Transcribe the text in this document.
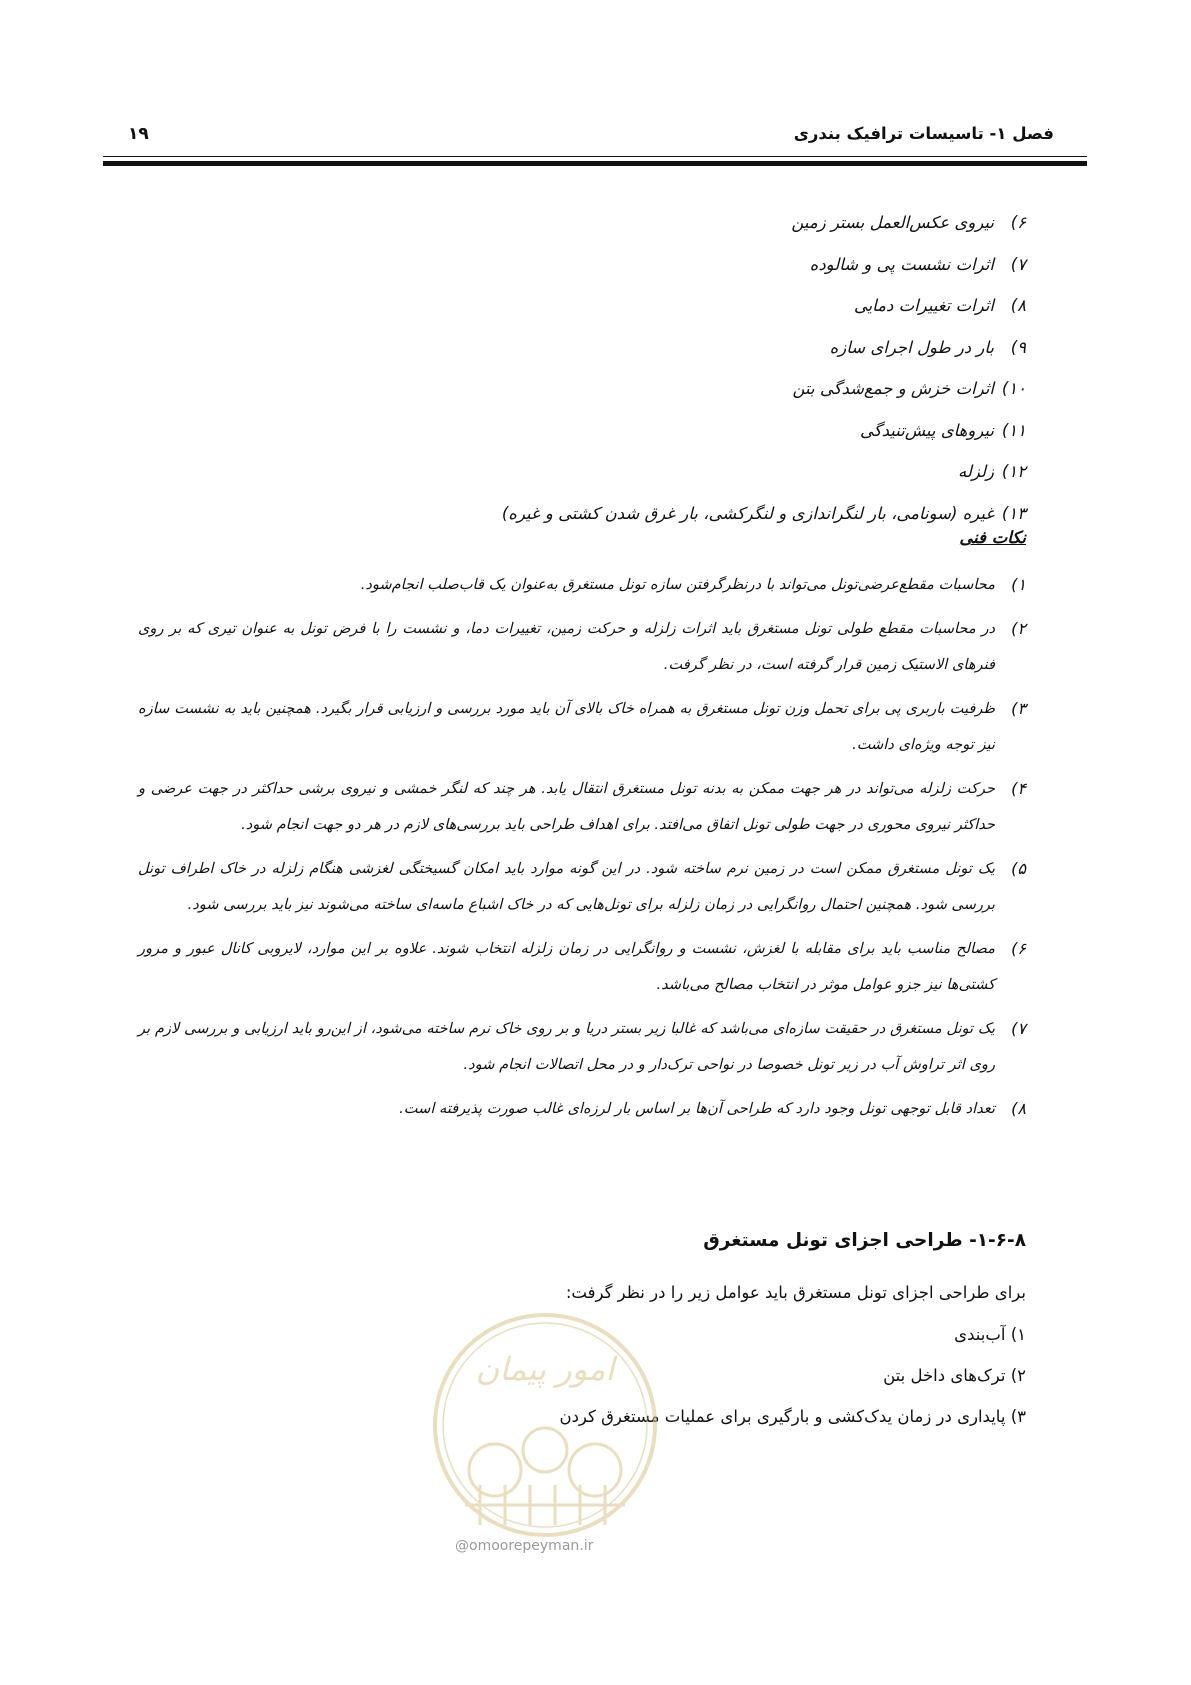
فصل ۱- تاسیسات ترافیک بندری
۱۹
۶)نیروی عکس‌العمل بستر زمین
۷)اثرات نشست پی و شالوده
۸)اثرات تغییرات دمایی
۹)بار در طول اجرای سازه
۱۰)اثرات خزش و جمع‌شدگی بتن
۱۱)نیروهای پیش‌تنیدگی
۱۲)زلزله
۱۳)غیره (سونامی، بار لنگراندازی و لنگرکشی، بار غرق شدن کشتی و غیره)
نکات فنی
۱)
محاسبات مقطع‌عرضی‌تونل می‌تواند با درنظرگرفتن سازه تونل مستغرق به‌عنوان یک قاب‌صلب انجام‌شود.
۲)
در محاسبات مقطع طولی تونل مستغرق باید اثرات زلزله و حرکت زمین، تغییرات دما، و نشست را با فرض تونل به عنوان تیری که بر روی فنرهای الاستیک زمین قرار گرفته است، در نظر گرفت.
۳)
ظرفیت باربری پی برای تحمل وزن تونل مستغرق به همراه خاک بالای آن باید مورد بررسی و ارزیابی قرار بگیرد. همچنین باید به نشست سازه نیز توجه ویژه‌ای داشت.
۴)
حرکت زلزله می‌تواند در هر جهت ممکن به بدنه تونل مستغرق انتقال یابد. هر چند که لنگر خمشی و نیروی برشی حداکثر در جهت عرضی و حداکثر نیروی محوری در جهت طولی تونل اتفاق می‌افتد. برای اهداف طراحی باید بررسی‌های لازم در هر دو جهت انجام شود.
۵)
یک تونل مستغرق ممکن است در زمین نرم ساخته شود. در این گونه موارد باید امکان گسیختگی لغزشی هنگام زلزله در خاک اطراف تونل بررسی شود. همچنین احتمال روانگرایی در زمان زلزله برای تونل‌هایی که در خاک اشباع ماسه‌ای ساخته می‌شوند نیز باید بررسی شود.
۶)
مصالح مناسب باید برای مقابله با لغزش، نشست و روانگرایی در زمان زلزله انتخاب شوند. علاوه بر این موارد، لایروبی کانال عبور و مرور کشتی‌ها نیز جزو عوامل موثر در انتخاب مصالح می‌باشد.
۷)
یک تونل مستغرق در حقیقت سازه‌ای می‌باشد که غالبا زیر بستر دریا و بر روی خاک نرم ساخته می‌شود، از این‌رو باید ارزیابی و بررسی لازم بر روی اثر تراوش آب در زیر تونل خصوصا در نواحی ترک‌دار و در محل اتصالات انجام شود.
۸)
تعداد قابل توجهی تونل وجود دارد که طراحی آن‌ها بر اساس بار لرزه‌ای غالب صورت پذیرفته است.
۱-۶-۸- طراحی اجزای تونل مستغرق
برای طراحی اجزای تونل مستغرق باید عوامل زیر را در نظر گرفت:
۱) آب‌بندی
۲) ترک‌های داخل بتن
۳) پایداری در زمان یدک‌کشی و بارگیری برای عملیات مستغرق کردن
امور پیمان
@omoorepeyman.ir
